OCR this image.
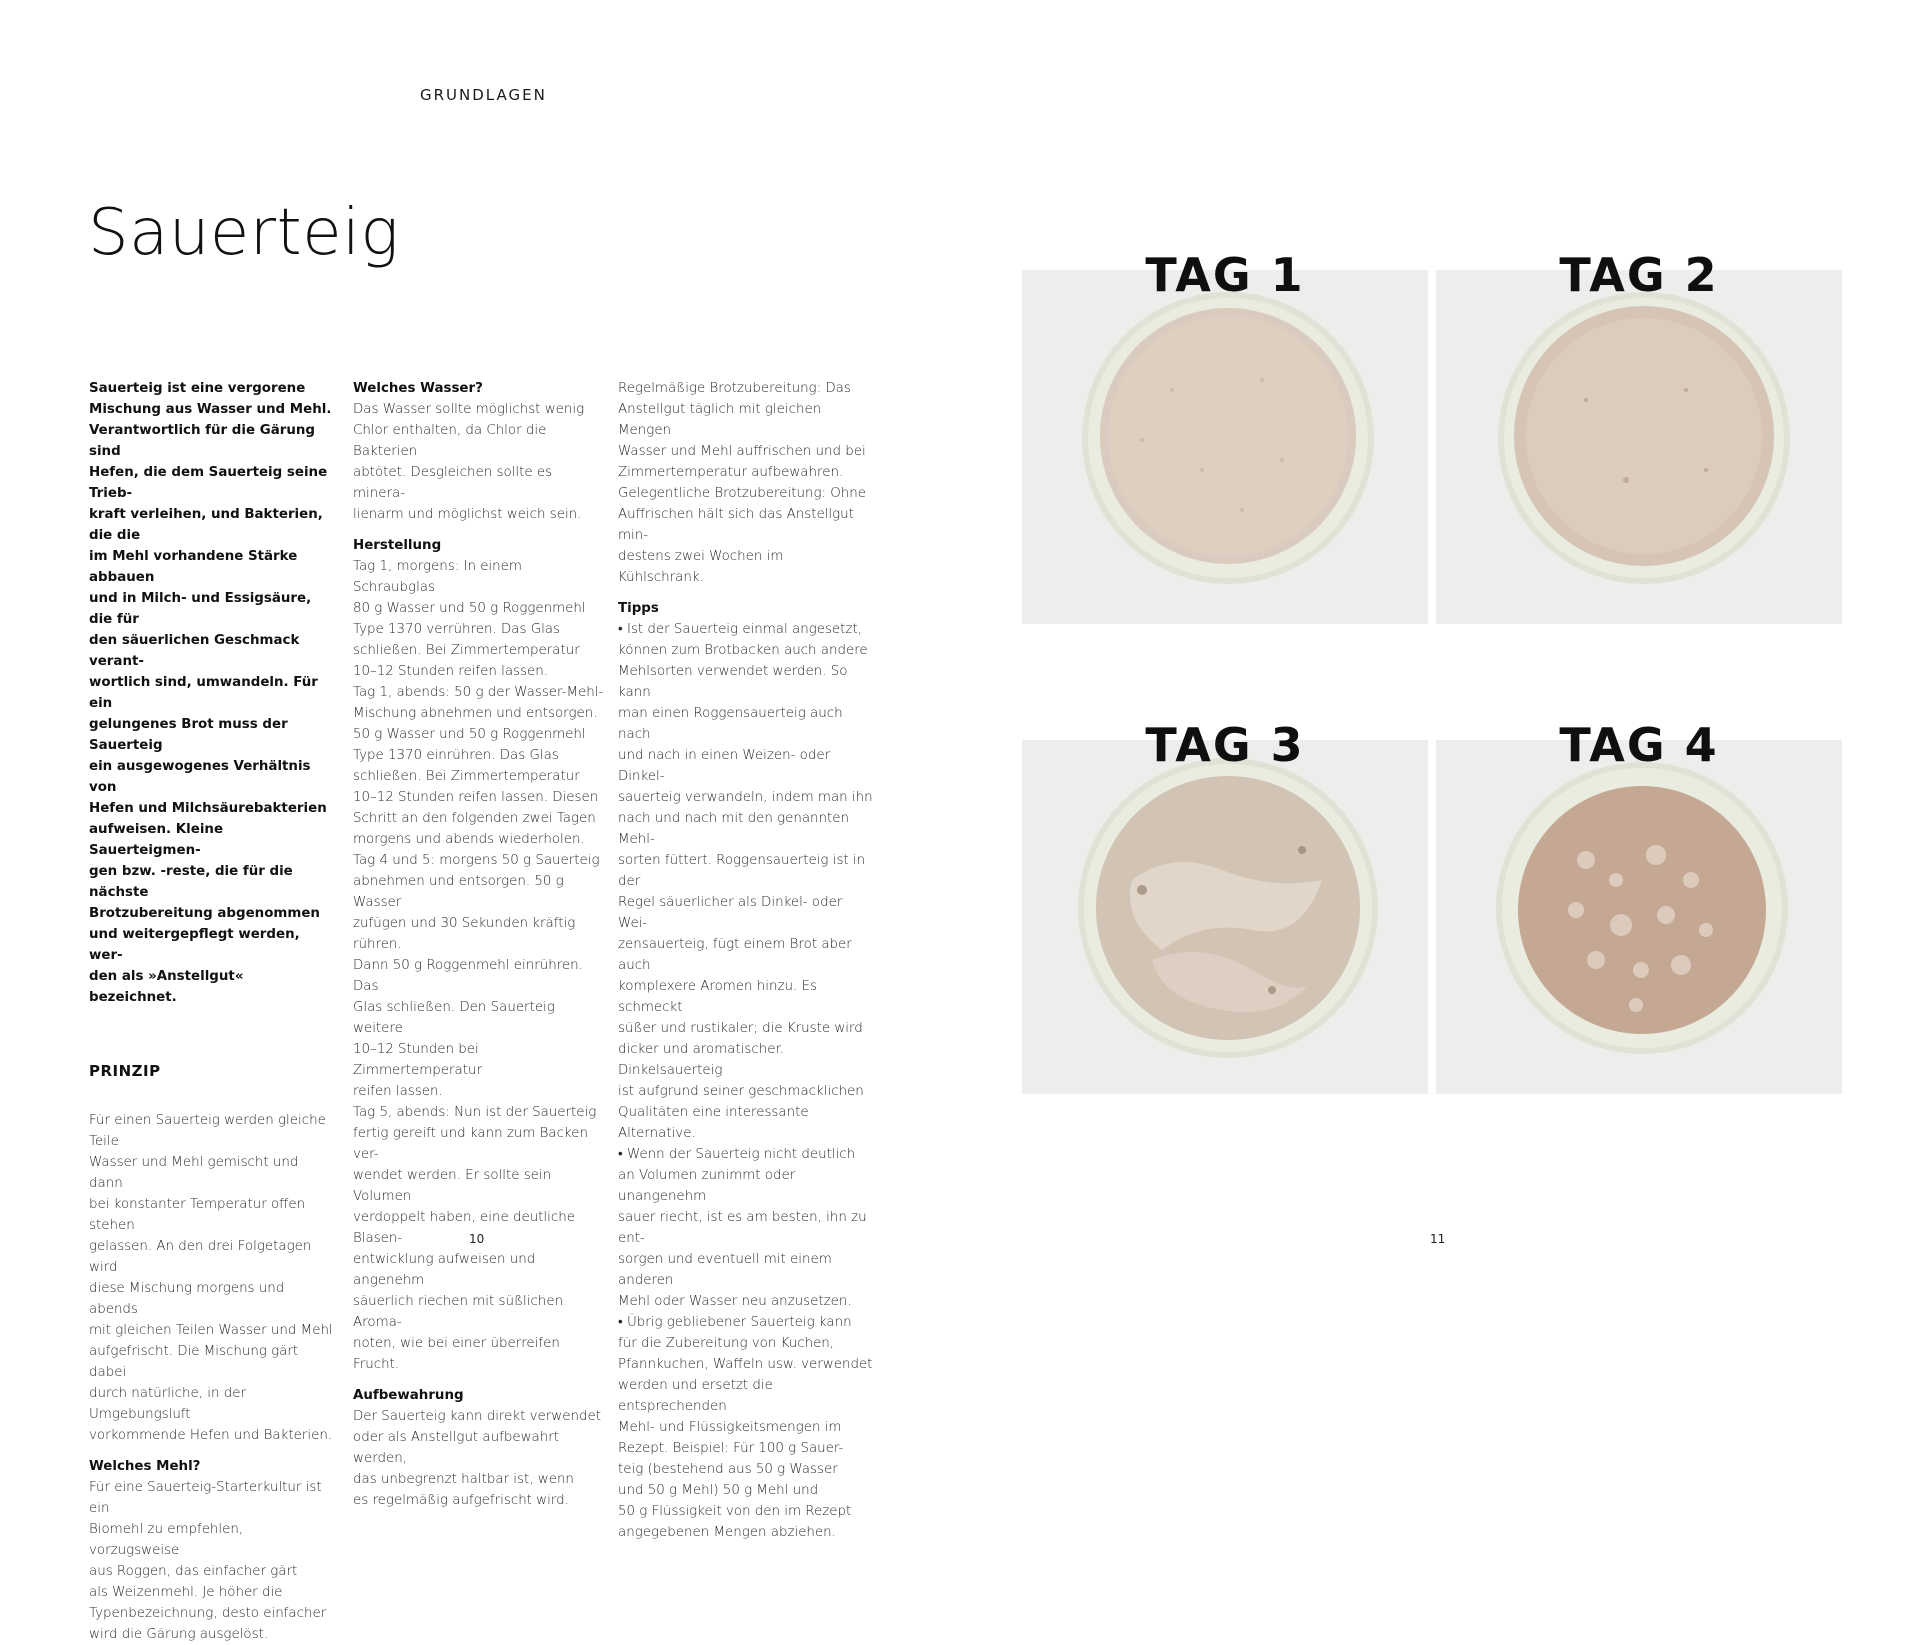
GRUNDLAGEN
Sauerteig

Sauerteig ist eine vergorene
Mischung aus Wasser und Mehl.
Verantwortlich für die Gärung sind
Hefen, die dem Sauerteig seine Trieb-
kraft verleihen, und Bakterien, die die
im Mehl vorhandene Stärke abbauen
und in Milch- und Essigsäure, die für
den säuerlichen Geschmack verant-
wortlich sind, umwandeln. Für ein
gelungenes Brot muss der Sauerteig
ein ausgewogenes Verhältnis von
Hefen und Milchsäurebakterien
aufweisen. Kleine Sauerteigmen-
gen bzw. -reste, die für die nächste
Brotzubereitung abgenommen
und weitergepflegt werden, wer-
den als »Anstellgut« bezeichnet.

PRINZIP

Für einen Sauerteig werden gleiche Teile
Wasser und Mehl gemischt und dann
bei konstanter Temperatur offen stehen
gelassen. An den drei Folgetagen wird
diese Mischung morgens und abends
mit gleichen Teilen Wasser und Mehl
aufgefrischt. Die Mischung gärt dabei
durch natürliche, in der Umgebungsluft
vorkommende Hefen und Bakterien.

Welches Mehl?

Für eine Sauerteig-Starterkultur ist ein
Biomehl zu empfehlen, vorzugsweise
aus Roggen, das einfacher gärt
als Weizenmehl. Je höher die
Typenbezeichnung, desto einfacher
wird die Gärung ausgelöst.

Welches Wasser?

Das Wasser sollte möglichst wenig
Chlor enthalten, da Chlor die Bakterien
abtötet. Desgleichen sollte es minera-
lienarm und möglichst weich sein.

Herstellung

Tag 1, morgens: In einem Schraubglas
80 g Wasser und 50 g Roggenmehl
Type 1370 verrühren. Das Glas
schließen. Bei Zimmertemperatur
10–12 Stunden reifen lassen.
Tag 1, abends: 50 g der Wasser-Mehl-
Mischung abnehmen und entsorgen.
50 g Wasser und 50 g Roggenmehl
Type 1370 einrühren. Das Glas
schließen. Bei Zimmertemperatur
10–12 Stunden reifen lassen. Diesen
Schritt an den folgenden zwei Tagen
morgens und abends wiederholen.
Tag 4 und 5: morgens 50 g Sauerteig
abnehmen und entsorgen. 50 g Wasser
zufügen und 30 Sekunden kräftig rühren.
Dann 50 g Roggenmehl einrühren. Das
Glas schließen. Den Sauerteig weitere
10–12 Stunden bei Zimmertemperatur
reifen lassen.
Tag 5, abends: Nun ist der Sauerteig
fertig gereift und kann zum Backen ver-
wendet werden. Er sollte sein Volumen
verdoppelt haben, eine deutliche Blasen-
entwicklung aufweisen und angenehm
säuerlich riechen mit süßlichen Aroma-
noten, wie bei einer überreifen Frucht.

Aufbewahrung

Der Sauerteig kann direkt verwendet
oder als Anstellgut aufbewahrt werden,
das unbegrenzt haltbar ist, wenn
es regelmäßig aufgefrischt wird.

Regelmäßige Brotzubereitung: Das
Anstellgut täglich mit gleichen Mengen
Wasser und Mehl auffrischen und bei
Zimmertemperatur aufbewahren.
Gelegentliche Brotzubereitung: Ohne
Auffrischen hält sich das Anstellgut min-
destens zwei Wochen im Kühlschrank.

Tipps

• Ist der Sauerteig einmal angesetzt,
können zum Brotbacken auch andere
Mehlsorten verwendet werden. So kann
man einen Roggensauerteig auch nach
und nach in einen Weizen- oder Dinkel-
sauerteig verwandeln, indem man ihn
nach und nach mit den genannten Mehl-
sorten füttert. Roggensauerteig ist in der
Regel säuerlicher als Dinkel- oder Wei-
zensauerteig, fügt einem Brot aber auch
komplexere Aromen hinzu. Es schmeckt
süßer und rustikaler; die Kruste wird
dicker und aromatischer. Dinkelsauerteig
ist aufgrund seiner geschmacklichen
Qualitäten eine interessante Alternative.
• Wenn der Sauerteig nicht deutlich
an Volumen zunimmt oder unangenehm
sauer riecht, ist es am besten, ihn zu ent-
sorgen und eventuell mit einem anderen
Mehl oder Wasser neu anzusetzen.
• Übrig gebliebener Sauerteig kann
für die Zubereitung von Kuchen,
Pfannkuchen, Waffeln usw. verwendet
werden und ersetzt die entsprechenden
Mehl- und Flüssigkeitsmengen im
Rezept. Beispiel: Für 100 g Sauer-
teig (bestehend aus 50 g Wasser
und 50 g Mehl) 50 g Mehl und
50 g Flüssigkeit von den im Rezept
angegebenen Mengen abziehen.

10
TAG 1	TAG 2
TAG 3	TAG 4
11
